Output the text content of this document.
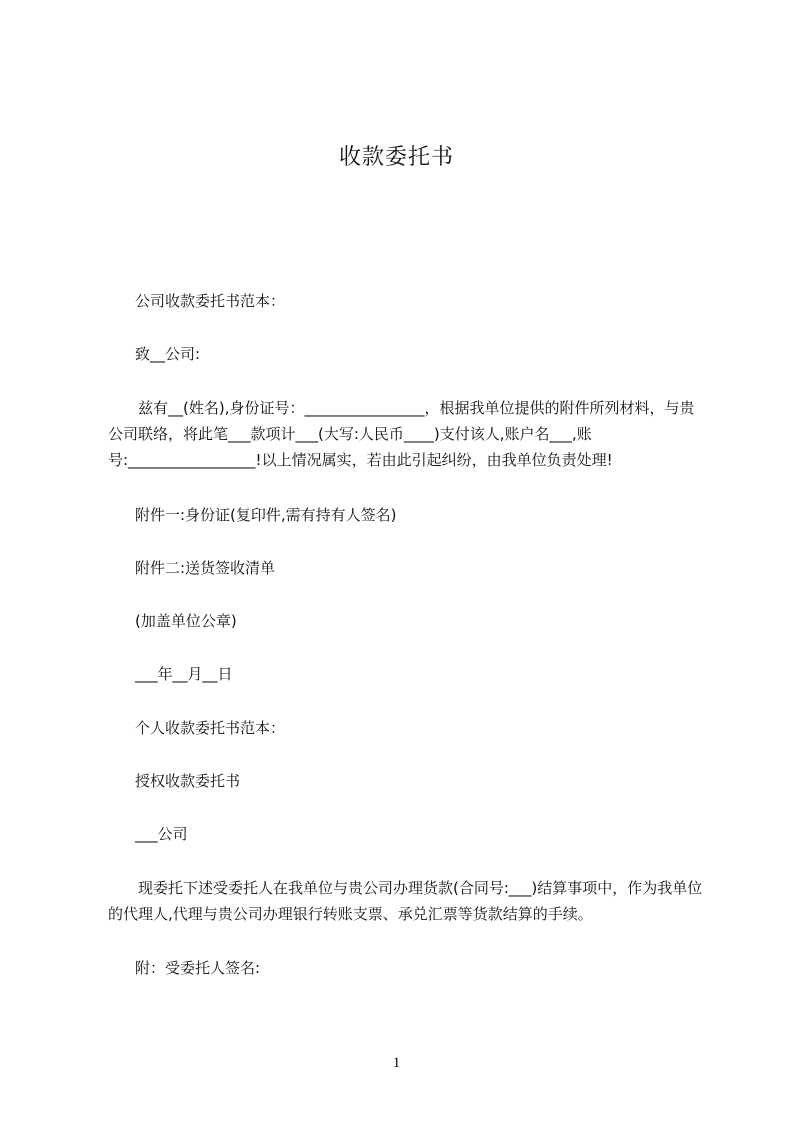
收款委托书

公司收款委托书范本：

致__公司:

兹有__(姓名),身份证号：________________，根据我单位提供的附件所列材料，与贵公司联络，将此笔___款项计___(大写:人民币____)支付该人,账户名___,账号:_________________!以上情况属实，若由此引起纠纷，由我单位负责处理!

附件一:身份证(复印件,需有持有人签名)

附件二:送货签收清单

(加盖单位公章)

___年__月__日

个人收款委托书范本：

授权收款委托书

___公司

现委托下述受委托人在我单位与贵公司办理货款(合同号:___)结算事项中，作为我单位的代理人,代理与贵公司办理银行转账支票、承兑汇票等货款结算的手续。

附：受委托人签名:

1
